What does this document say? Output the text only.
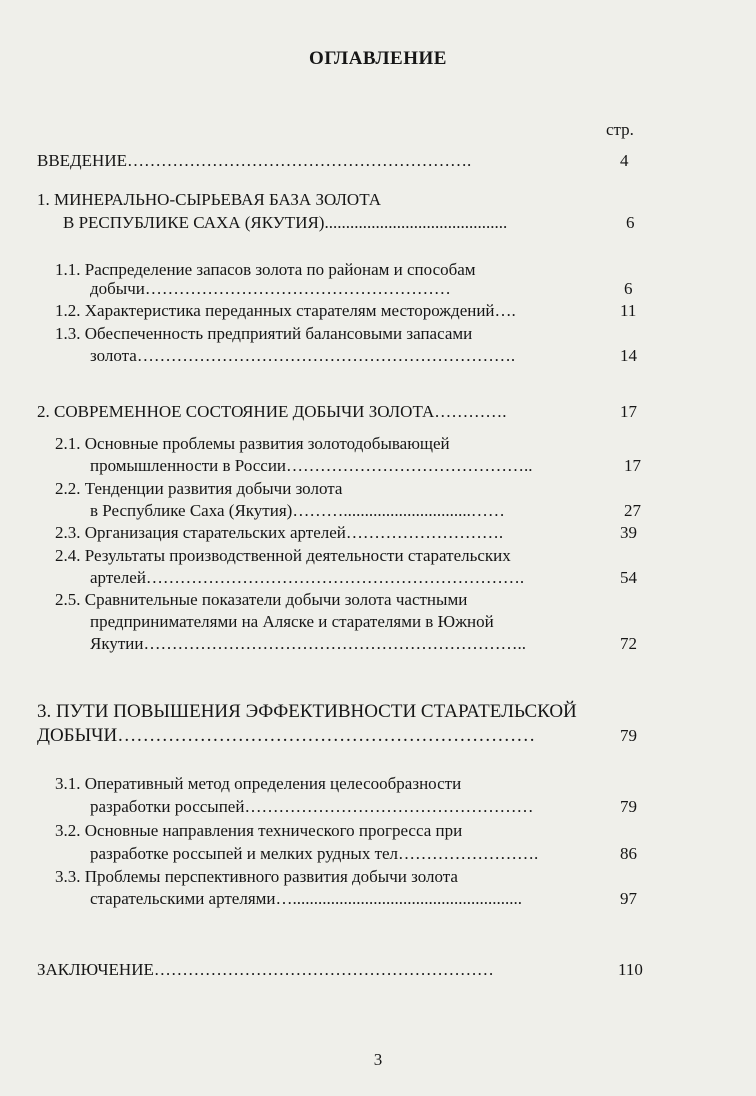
ОГЛАВЛЕНИЕ
стр.
ВВЕДЕНИЕ…………………………………………………….	4
1. МИНЕРАЛЬНО-СЫРЬЕВАЯ БАЗА ЗОЛОТА
В РЕСПУБЛИКЕ САХА (ЯКУТИЯ)...........................................	6
1.1. Распределение запасов золота по районам и способам
добычи………………………………………………	6
1.2. Характеристика переданных старателям месторождений….	11
1.3. Обеспеченность предприятий балансовыми запасами
золота………………………………………………………….	14
2. СОВРЕМЕННОЕ СОСТОЯНИЕ ДОБЫЧИ ЗОЛОТА………….	17
2.1. Основные проблемы развития золотодобывающей
промышленности в России……………………………………..	17
2.2. Тенденции развития добычи золота
в Республике Саха (Якутия)………..............................……	27
2.3. Организация старательских артелей……………………….	39
2.4. Результаты производственной деятельности старательских
артелей………………………………………………………….	54
2.5. Сравнительные показатели добычи золота частными
предпринимателями на Аляске и старателями в Южной
Якутии…………………………………………………………..	72
3. ПУТИ ПОВЫШЕНИЯ ЭФФЕКТИВНОСТИ СТАРАТЕЛЬСКОЙ
ДОБЫЧИ…………………………………………………………	79
3.1. Оперативный метод определения целесообразности
разработки россыпей……………………………………………	79
3.2. Основные направления технического прогресса при
разработке россыпей и мелких рудных тел…………………….	86
3.3. Проблемы перспективного развития добычи золота
старательскими артелями…......................................................	97
ЗАКЛЮЧЕНИЕ……………………………………………………	110
3
